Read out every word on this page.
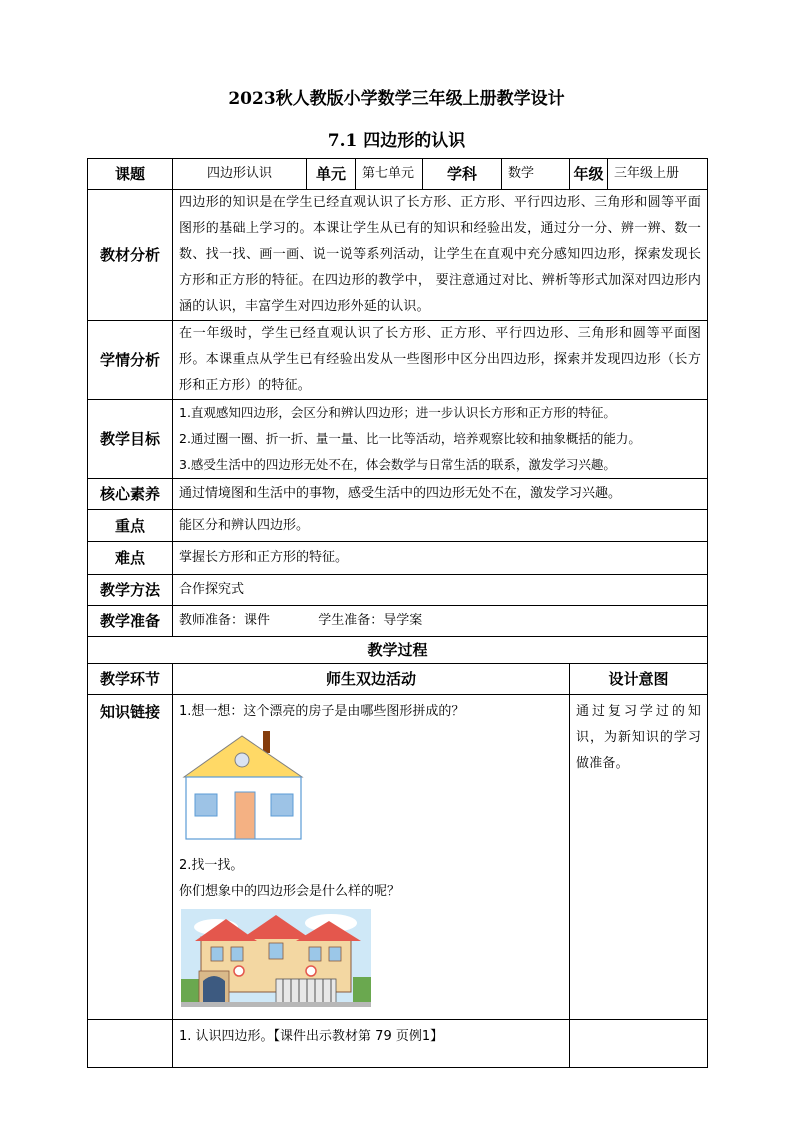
2023秋人教版小学数学三年级上册教学设计
7.1 四边形的认识
课题	四边形认识	单元	第七单元	学科	数学	年级	三年级上册
教材分析	四边形的知识是在学生已经直观认识了长方形、正方形、平行四边形、三角形和圆等平面图形的基础上学习的。本课让学生从已有的知识和经验出发，通过分一分、辨一辨、数一数、找一找、画一画、说一说等系列活动，让学生在直观中充分感知四边形，探索发现长方形和正方形的特征。在四边形的教学中， 要注意通过对比、辨析等形式加深对四边形内涵的认识，丰富学生对四边形外延的认识。						
学情分析	在一年级时，学生已经直观认识了长方形、正方形、平行四边形、三角形和圆等平面图形。本课重点从学生已有经验出发从一些图形中区分出四边形，探索并发现四边形（长方形和正方形）的特征。						
教学目标	1.直观感知四边形，会区分和辨认四边形；进一步认识长方形和正方形的特征。
2.通过圈一圈、折一折、量一量、比一比等活动，培养观察比较和抽象概括的能力。
3.感受生活中的四边形无处不在，体会数学与日常生活的联系，激发学习兴趣。						

核心素养	通过情境图和生活中的事物，感受生活中的四边形无处不在，激发学习兴趣。						
重点	能区分和辨认四边形。						
难点	掌握长方形和正方形的特征。						
教学方法	合作探究式						
教学准备	教师准备：课件 学生准备：导学案						
教学过程							
教学环节	师生双边活动					设计意图	
知识链接	1.想一想：这个漂亮的房子是由哪些图形拼成的？
2.找一找。
你们想象中的四边形会是什么样的呢？					通过复习学过的知识，为新知识的学习做准备。	
	1. 认识四边形。【课件出示教材第 79 页例1】						
